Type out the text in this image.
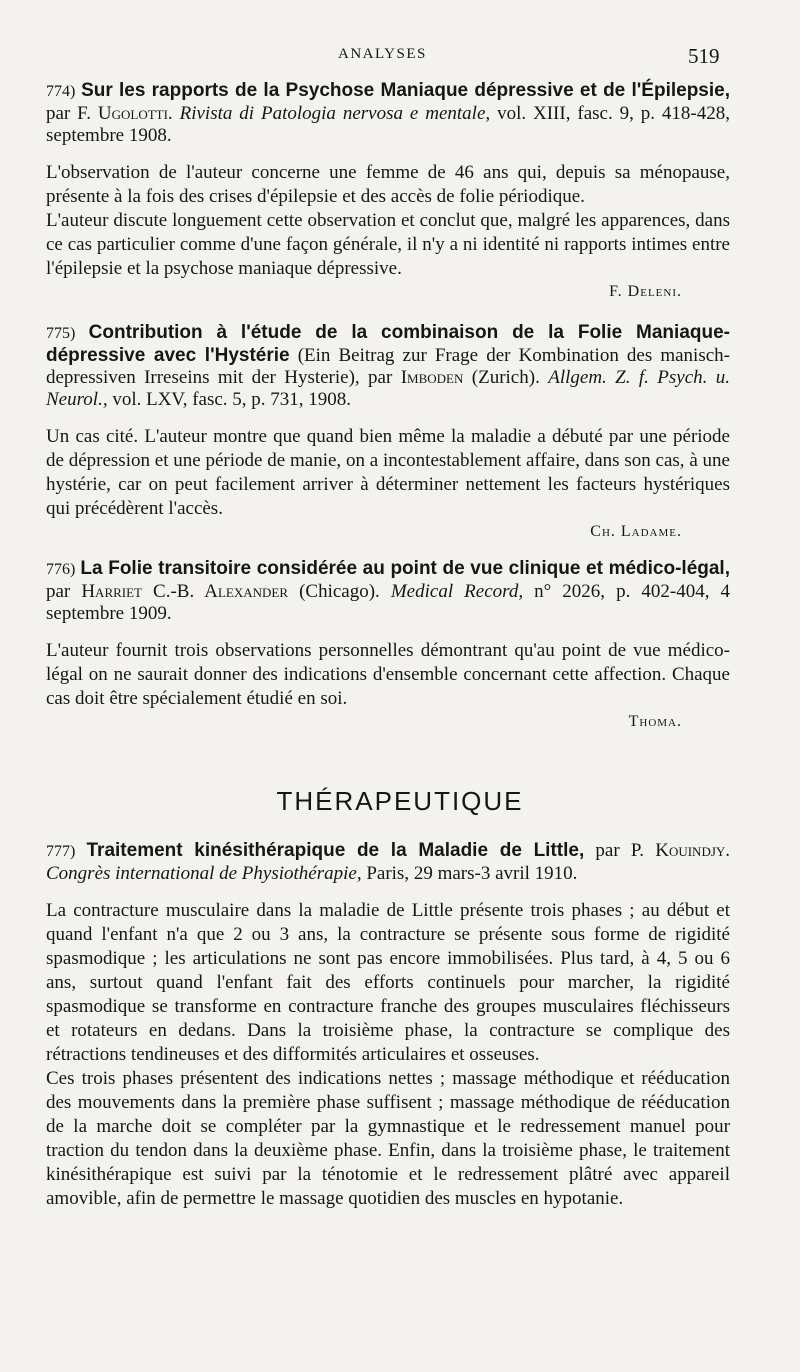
ANALYSES	519

774) Sur les rapports de la Psychose Maniaque dépressive et de l'Épilepsie, par F. Ugolotti. Rivista di Patologia nervosa e mentale, vol. XIII, fasc. 9, p. 418-428, septembre 1908.

L'observation de l'auteur concerne une femme de 46 ans qui, depuis sa ménopause, présente à la fois des crises d'épilepsie et des accès de folie périodique.

L'auteur discute longuement cette observation et conclut que, malgré les apparences, dans ce cas particulier comme d'une façon générale, il n'y a ni identité ni rapports intimes entre l'épilepsie et la psychose maniaque dépressive.

F. Deleni.

775) Contribution à l'étude de la combinaison de la Folie Maniaque-dépressive avec l'Hystérie (Ein Beitrag zur Frage der Kombination des manisch-depressiven Irreseins mit der Hysterie), par Imboden (Zurich). Allgem. Z. f. Psych. u. Neurol., vol. LXV, fasc. 5, p. 731, 1908.

Un cas cité. L'auteur montre que quand bien même la maladie a débuté par une période de dépression et une période de manie, on a incontestablement affaire, dans son cas, à une hystérie, car on peut facilement arriver à déterminer nettement les facteurs hystériques qui précédèrent l'accès.

Ch. Ladame.

776) La Folie transitoire considérée au point de vue clinique et médico-légal, par Harriet C.-B. Alexander (Chicago). Medical Record, n° 2026, p. 402-404, 4 septembre 1909.

L'auteur fournit trois observations personnelles démontrant qu'au point de vue médico-légal on ne saurait donner des indications d'ensemble concernant cette affection. Chaque cas doit être spécialement étudié en soi.

Thoma.
THÉRAPEUTIQUE

777) Traitement kinésithérapique de la Maladie de Little, par P. Kouindjy. Congrès international de Physiothérapie, Paris, 29 mars-3 avril 1910.

La contracture musculaire dans la maladie de Little présente trois phases ; au début et quand l'enfant n'a que 2 ou 3 ans, la contracture se présente sous forme de rigidité spasmodique ; les articulations ne sont pas encore immobilisées. Plus tard, à 4, 5 ou 6 ans, surtout quand l'enfant fait des efforts continuels pour marcher, la rigidité spasmodique se transforme en contracture franche des groupes musculaires fléchisseurs et rotateurs en dedans. Dans la troisième phase, la contracture se complique des rétractions tendineuses et des difformités articulaires et osseuses.

Ces trois phases présentent des indications nettes ; massage méthodique et rééducation des mouvements dans la première phase suffisent ; massage méthodique de rééducation de la marche doit se compléter par la gymnastique et le redressement manuel pour traction du tendon dans la deuxième phase. Enfin, dans la troisième phase, le traitement kinésithérapique est suivi par la ténotomie et le redressement plâtré avec appareil amovible, afin de permettre le massage quotidien des muscles en hypotanie.
